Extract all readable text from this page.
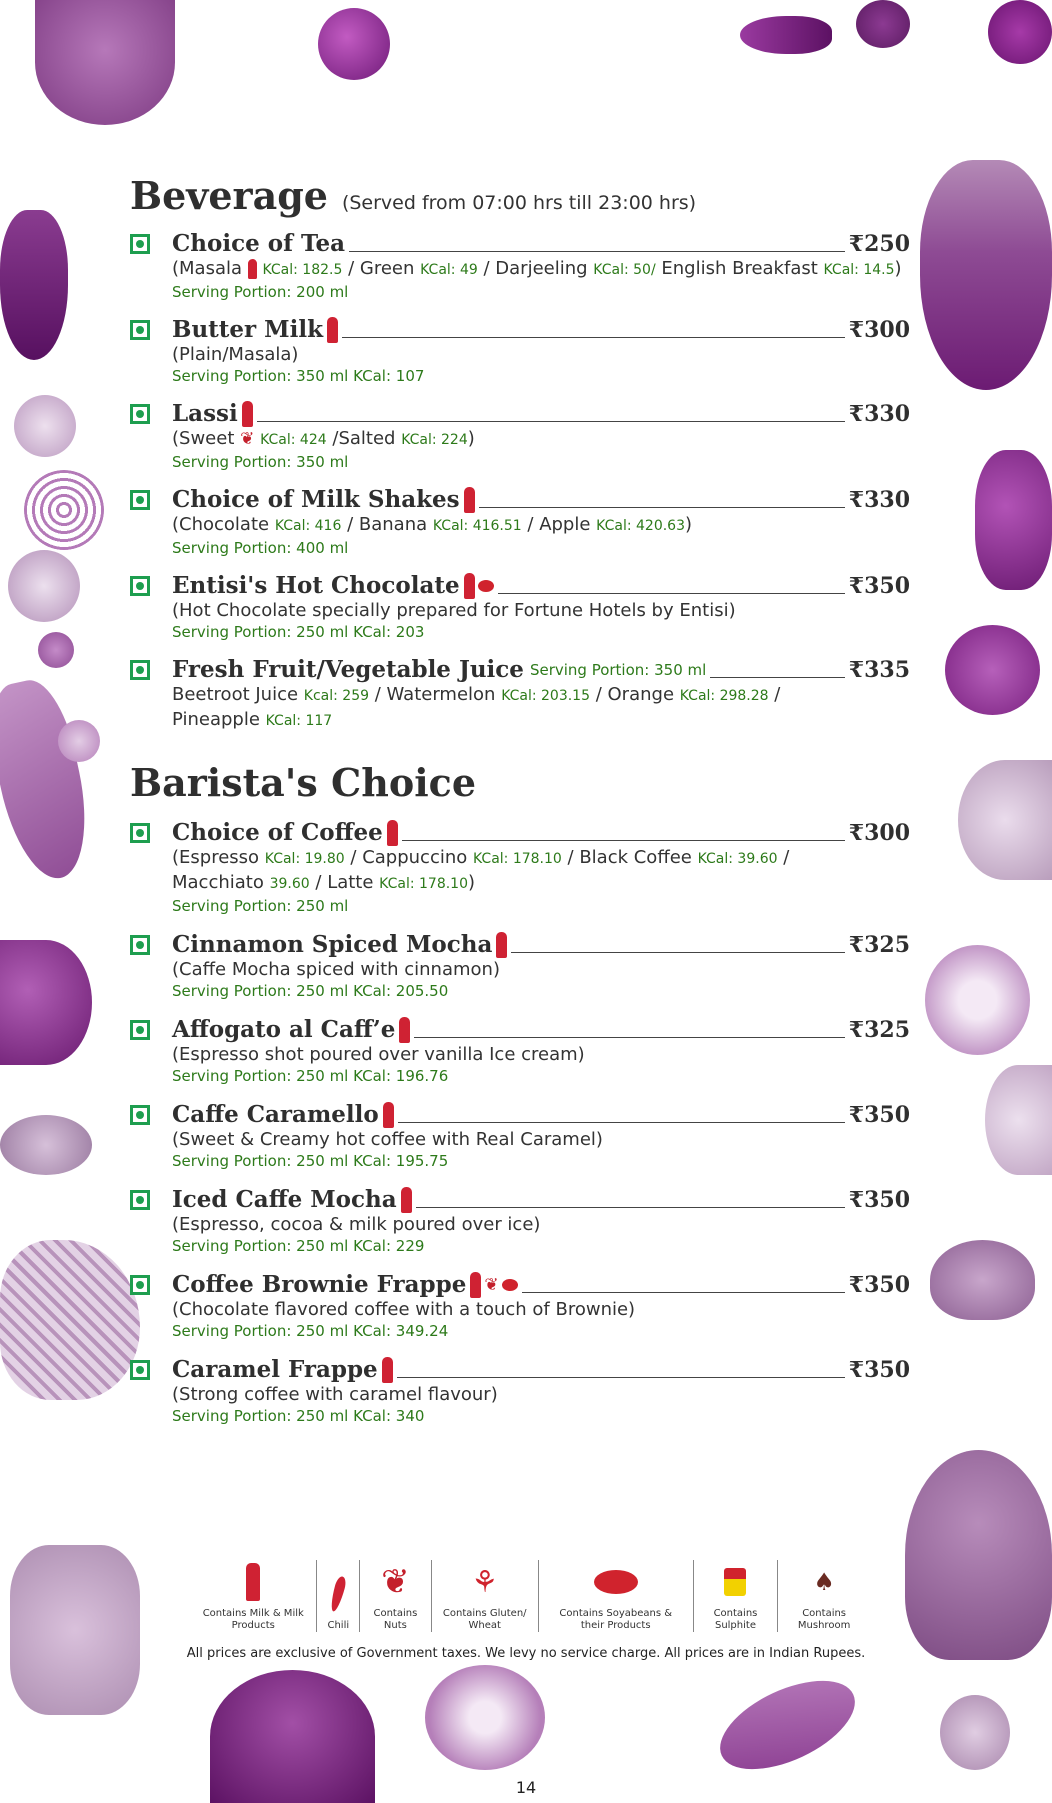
Beverage (Served from 07:00 hrs till 23:00 hrs)
Choice of Tea	₹250
(Masala  KCal: 182.5 / Green KCal: 49 / Darjeeling KCal: 50/ English Breakfast KCal: 14.5)
Serving Portion: 200 ml
Butter Milk	₹300
(Plain/Masala)
Serving Portion: 350 ml KCal: 107
Lassi	₹330
(Sweet ❦ KCal: 424 /Salted KCal: 224)
Serving Portion: 350 ml
Choice of Milk Shakes	₹330
(Chocolate KCal: 416 / Banana KCal: 416.51 / Apple KCal: 420.63)
Serving Portion: 400 ml
Entisi's Hot Chocolate	₹350
(Hot Chocolate specially prepared for Fortune Hotels by Entisi)
Serving Portion: 250 ml KCal: 203
Fresh Fruit/Vegetable Juice Serving Portion: 350 ml	₹335
Beetroot Juice Kcal: 259 / Watermelon KCal: 203.15 / Orange KCal: 298.28 /
Pineapple KCal: 117
Barista's Choice
Choice of Coffee	₹300
(Espresso KCal: 19.80 / Cappuccino KCal: 178.10 / Black Coffee KCal: 39.60 /
Macchiato 39.60 / Latte KCal: 178.10)
Serving Portion: 250 ml
Cinnamon Spiced Mocha	₹325
(Caffe Mocha spiced with cinnamon)
Serving Portion: 250 ml KCal: 205.50
Affogato al Caff’e	₹325
(Espresso shot poured over vanilla Ice cream)
Serving Portion: 250 ml KCal: 196.76
Caffe Caramello	₹350
(Sweet & Creamy hot coffee with Real Caramel)
Serving Portion: 250 ml KCal: 195.75
Iced Caffe Mocha	₹350
(Espresso, cocoa & milk poured over ice)
Serving Portion: 250 ml KCal: 229
Coffee Brownie Frappe ❦	₹350
(Chocolate flavored coffee with a touch of Brownie)
Serving Portion: 250 ml KCal: 349.24
Caramel Frappe	₹350
(Strong coffee with caramel flavour)
Serving Portion: 250 ml KCal: 340
Contains Milk & Milk Products	Chili
❦
Contains Nuts
⚘
Contains Gluten/ Wheat
Contains Soyabeans & their Products
Contains Sulphite
♠
Contains Mushroom
All prices are exclusive of Government taxes. We levy no service charge. All prices are in Indian Rupees.
14
